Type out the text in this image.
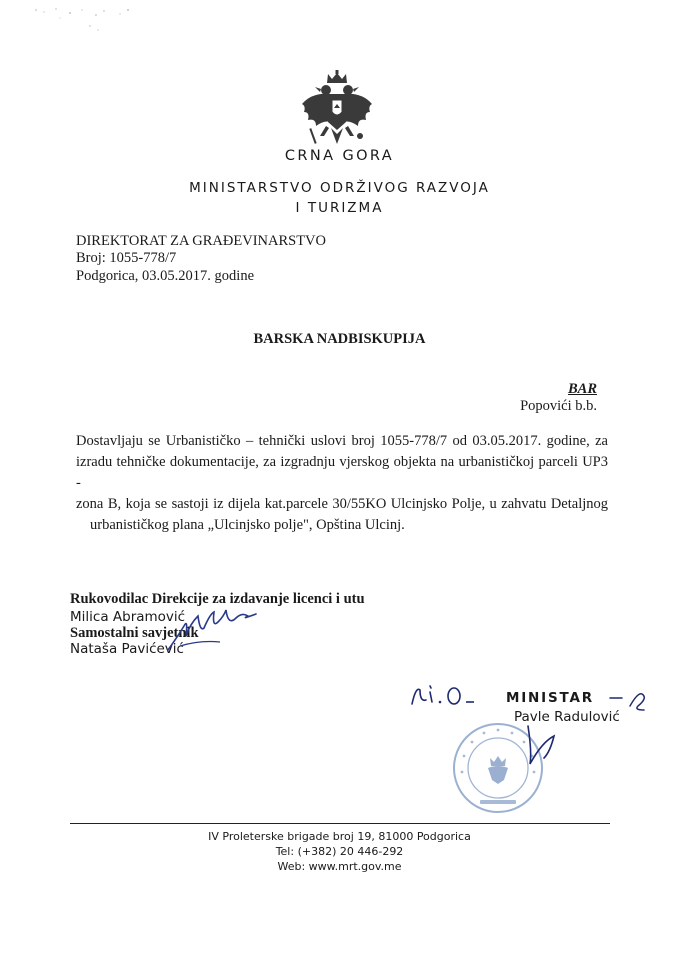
CRNA GORA
MINISTARSTVO ODRŽIVOG RAZVOJA
I TURIZMA
DIREKTORAT ZA GRAĐEVINARSTVO
Broj: 1055-778/7
Podgorica, 03.05.2017. godine
BARSKA NADBISKUPIJA
BAR
Popovići b.b.
Dostavljaju se Urbanističko – tehnički uslovi broj 1055-778/7 od 03.05.2017. godine, za
izradu tehničke dokumentacije, za izgradnju vjerskog objekta na urbanističkoj parceli UP3 -
zona B, koja se sastoji iz dijela kat.parcele 30/55KO Ulcinjsko Polje, u zahvatu Detaljnog
urbanističkog plana „Ulcinjsko polje", Opština Ulcinj.
Rukovodilac Direkcije za izdavanje licenci i utu
Milica Abramović
Samostalni savjetnik
Nataša Pavićević
MINISTAR
Pavle Radulović
IV Proleterske brigade broj 19, 81000 Podgorica
Tel: (+382) 20 446-292
Web: www.mrt.gov.me
